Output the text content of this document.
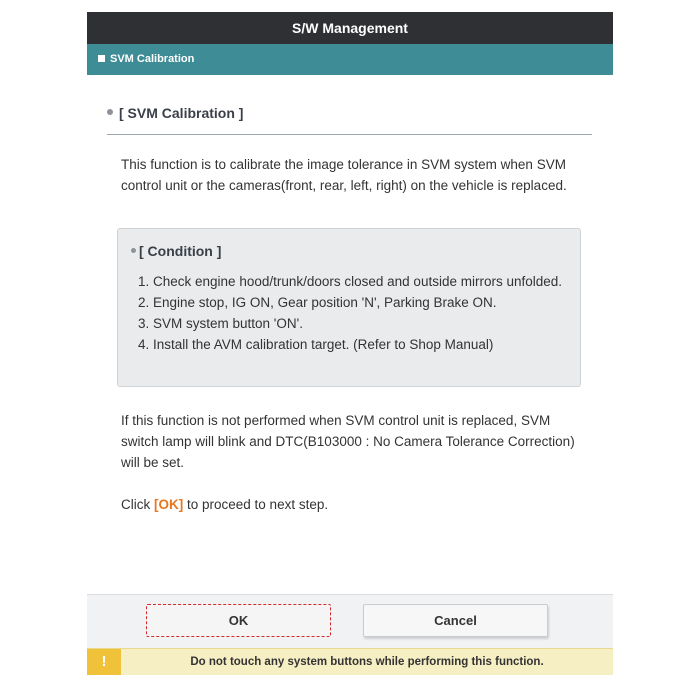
S/W Management
SVM Calibration
[ SVM Calibration ]
This function is to calibrate the image tolerance in SVM system when SVM control unit or the cameras(front, rear, left, right) on the vehicle is replaced.
[ Condition ]
1. Check engine hood/trunk/doors closed and outside mirrors unfolded.
2. Engine stop, IG ON, Gear position 'N', Parking Brake ON.
3. SVM system button 'ON'.
4. Install the AVM calibration target. (Refer to Shop Manual)
If this function is not performed when SVM control unit is replaced, SVM switch lamp will blink and DTC(B103000 : No Camera Tolerance Correction) will be set.
Click [OK] to proceed to next step.
OK	Cancel
!	Do not touch any system buttons while performing this function.
